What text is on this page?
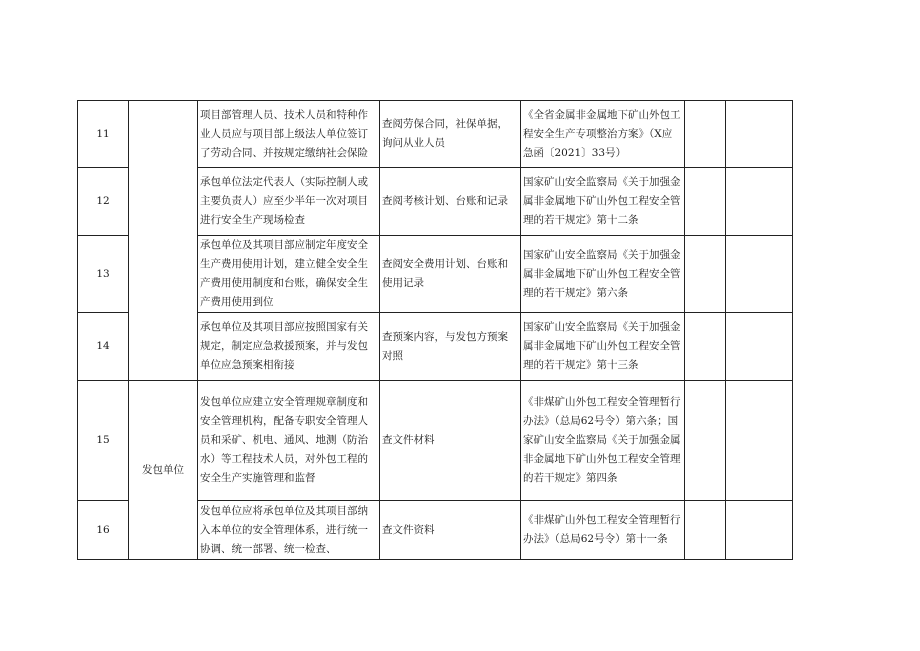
11		项目部管理人员、技术人员和特种作业人员应与项目部上级法人单位签订了劳动合同、并按规定缴纳社会保险	查阅劳保合同，社保单据，询问从业人员	《全省金属非金属地下矿山外包工程安全生产专项整治方案》（X应急函〔2021〕33号）		
12		承包单位法定代表人（实际控制人或主要负责人）应至少半年一次对项目进行安全生产现场检查	查阅考核计划、台账和记录	国家矿山安全监察局《关于加强金属非金属地下矿山外包工程安全管理的若干规定》第十二条		
13		承包单位及其项目部应制定年度安全生产费用使用计划，建立健全安全生产费用使用制度和台账，确保安全生产费用使用到位	查阅安全费用计划、台账和使用记录	国家矿山安全监察局《关于加强金属非金属地下矿山外包工程安全管理的若干规定》第六条		
14		承包单位及其项目部应按照国家有关规定，制定应急救援预案，并与发包单位应急预案相衔接	查预案内容，与发包方预案对照	国家矿山安全监察局《关于加强金属非金属地下矿山外包工程安全管理的若干规定》第十三条		
15	发包单位	发包单位应建立安全管理规章制度和安全管理机构，配备专职安全管理人员和采矿、机电、通风、地测（防治水）等工程技术人员，对外包工程的安全生产实施管理和监督	查文件材料	《非煤矿山外包工程安全管理暂行办法》（总局62号令）第六条；国家矿山安全监察局《关于加强金属非金属地下矿山外包工程安全管理的若干规定》第四条		
16		发包单位应将承包单位及其项目部纳入本单位的安全管理体系，进行统一协调、统一部署、统一检查、	查文件资料	《非煤矿山外包工程安全管理暂行办法》（总局62号令）第十一条		
